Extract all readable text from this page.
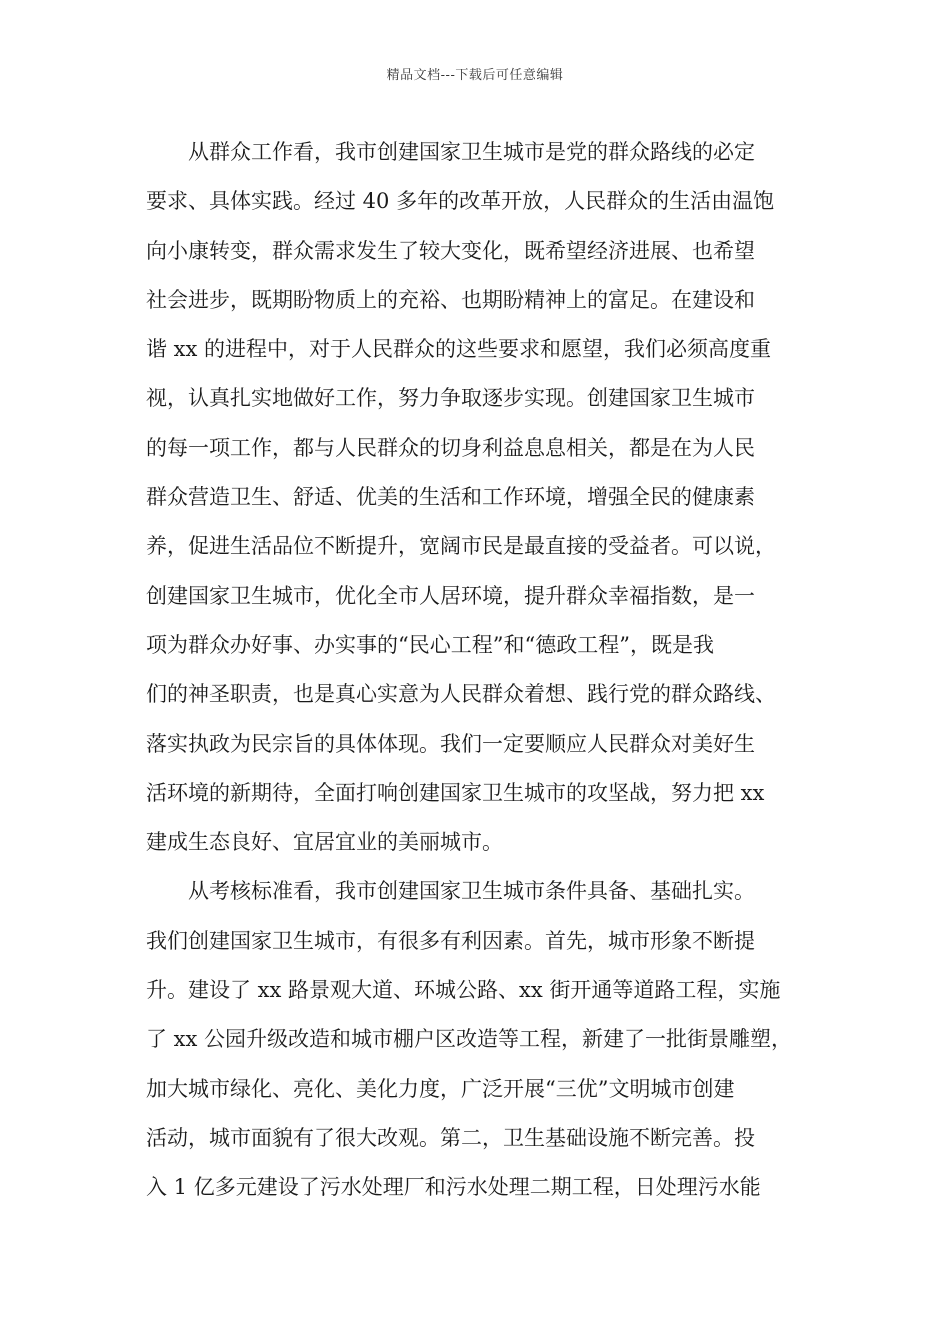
精品文档---下载后可任意编辑
从群众工作看，我市创建国家卫生城市是党的群众路线的必定
要求、具体实践。经过 40 多年的改革开放，人民群众的生活由温饱
向小康转变，群众需求发生了较大变化，既希望经济进展、也希望
社会进步，既期盼物质上的充裕、也期盼精神上的富足。在建设和
谐 xx 的进程中，对于人民群众的这些要求和愿望，我们必须高度重
视，认真扎实地做好工作，努力争取逐步实现。创建国家卫生城市
的每一项工作，都与人民群众的切身利益息息相关，都是在为人民
群众营造卫生、舒适、优美的生活和工作环境，增强全民的健康素
养，促进生活品位不断提升，宽阔市民是最直接的受益者。可以说，
创建国家卫生城市，优化全市人居环境，提升群众幸福指数，是一
项为群众办好事、办实事的“民心工程”和“德政工程”，既是我
们的神圣职责，也是真心实意为人民群众着想、践行党的群众路线、
落实执政为民宗旨的具体体现。我们一定要顺应人民群众对美好生
活环境的新期待，全面打响创建国家卫生城市的攻坚战，努力把 xx
建成生态良好、宜居宜业的美丽城市。
从考核标准看，我市创建国家卫生城市条件具备、基础扎实。
我们创建国家卫生城市，有很多有利因素。首先，城市形象不断提
升。建设了 xx 路景观大道、环城公路、xx 街开通等道路工程，实施
了 xx 公园升级改造和城市棚户区改造等工程，新建了一批街景雕塑，
加大城市绿化、亮化、美化力度，广泛开展“三优”文明城市创建
活动，城市面貌有了很大改观。第二，卫生基础设施不断完善。投
入 1 亿多元建设了污水处理厂和污水处理二期工程，日处理污水能
